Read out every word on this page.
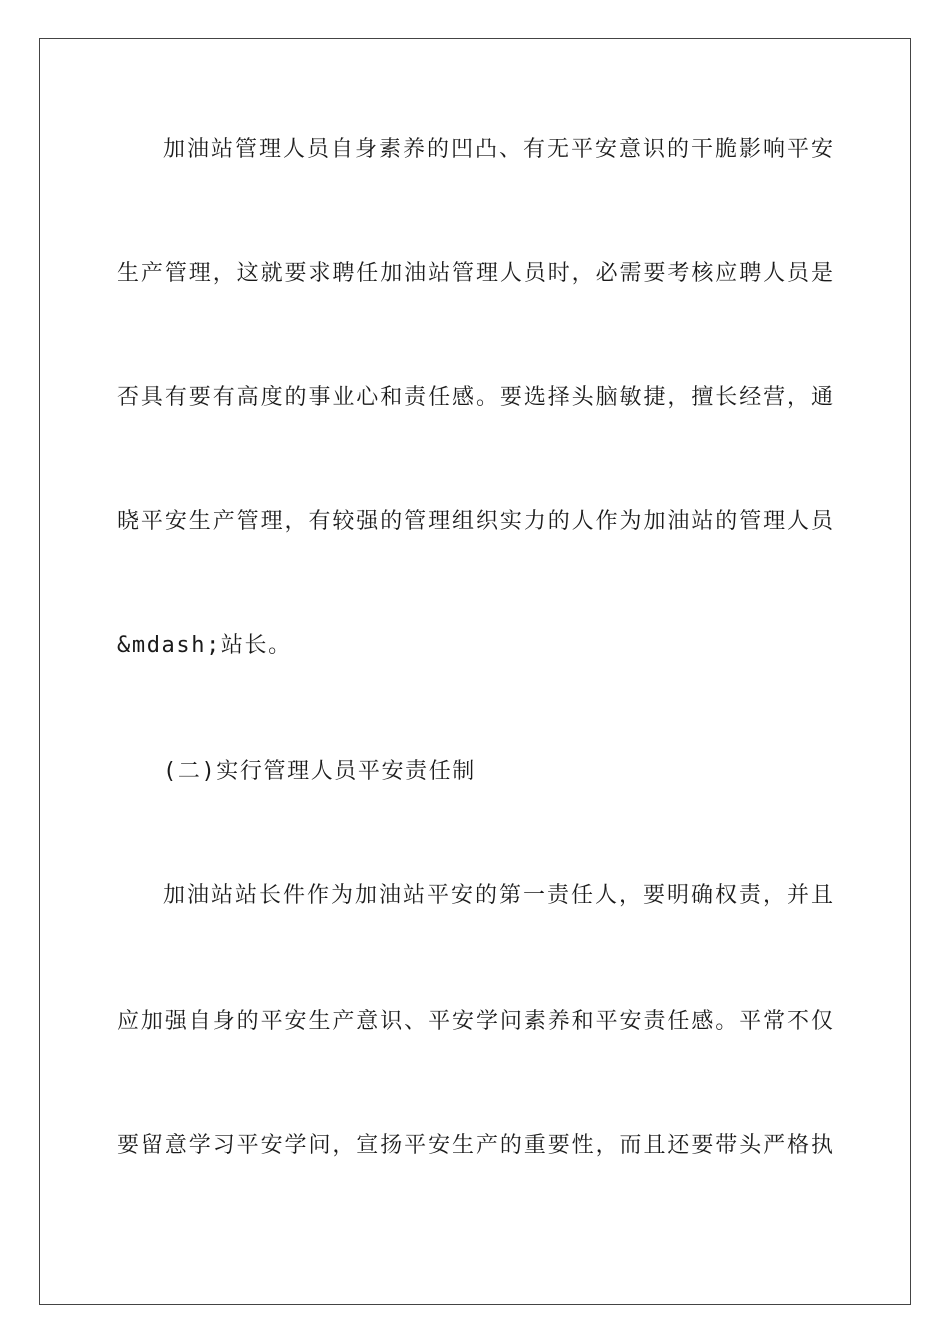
加油站管理人员自身素养的凹凸、有无平安意识的干脆影响平安
生产管理，这就要求聘任加油站管理人员时，必需要考核应聘人员是
否具有要有高度的事业心和责任感。要选择头脑敏捷，擅长经营，通
晓平安生产管理，有较强的管理组织实力的人作为加油站的管理人员
&mdash;站长。
(二)实行管理人员平安责任制
加油站站长件作为加油站平安的第一责任人，要明确权责，并且
应加强自身的平安生产意识、平安学问素养和平安责任感。平常不仅
要留意学习平安学问，宣扬平安生产的重要性，而且还要带头严格执
